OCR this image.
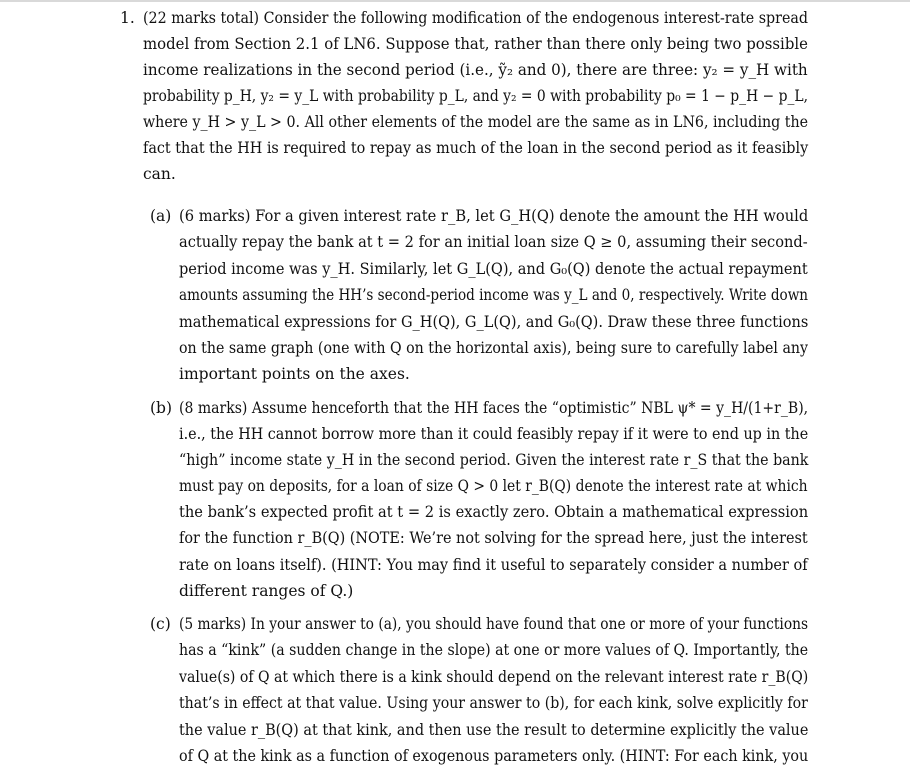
1. (22 marks total) Consider the following modification of the endogenous interest-rate spread
model from Section 2.1 of LN6. Suppose that, rather than there only being two possible
income realizations in the second period (i.e., ỹ₂ and 0), there are three: y₂ = y_H with
probability p_H, y₂ = y_L with probability p_L, and y₂ = 0 with probability p₀ = 1 − p_H − p_L,
where y_H > y_L > 0. All other elements of the model are the same as in LN6, including the
fact that the HH is required to repay as much of the loan in the second period as it feasibly
can.
(a) (6 marks) For a given interest rate r_B, let G_H(Q) denote the amount the HH would
actually repay the bank at t = 2 for an initial loan size Q ≥ 0, assuming their second-
period income was y_H. Similarly, let G_L(Q), and G₀(Q) denote the actual repayment
amounts assuming the HH’s second-period income was y_L and 0, respectively. Write down
mathematical expressions for G_H(Q), G_L(Q), and G₀(Q). Draw these three functions
on the same graph (one with Q on the horizontal axis), being sure to carefully label any
important points on the axes.
(b) (8 marks) Assume henceforth that the HH faces the “optimistic” NBL ψ* = y_H/(1+r_B),
i.e., the HH cannot borrow more than it could feasibly repay if it were to end up in the
“high” income state y_H in the second period. Given the interest rate r_S that the bank
must pay on deposits, for a loan of size Q > 0 let r_B(Q) denote the interest rate at which
the bank’s expected profit at t = 2 is exactly zero. Obtain a mathematical expression
for the function r_B(Q) (NOTE: We’re not solving for the spread here, just the interest
rate on loans itself). (HINT: You may find it useful to separately consider a number of
different ranges of Q.)
(c) (5 marks) In your answer to (a), you should have found that one or more of your functions
has a “kink” (a sudden change in the slope) at one or more values of Q. Importantly, the
value(s) of Q at which there is a kink should depend on the relevant interest rate r_B(Q)
that’s in effect at that value. Using your answer to (b), for each kink, solve explicitly for
the value r_B(Q) at that kink, and then use the result to determine explicitly the value
of Q at the kink as a function of exogenous parameters only. (HINT: For each kink, you
